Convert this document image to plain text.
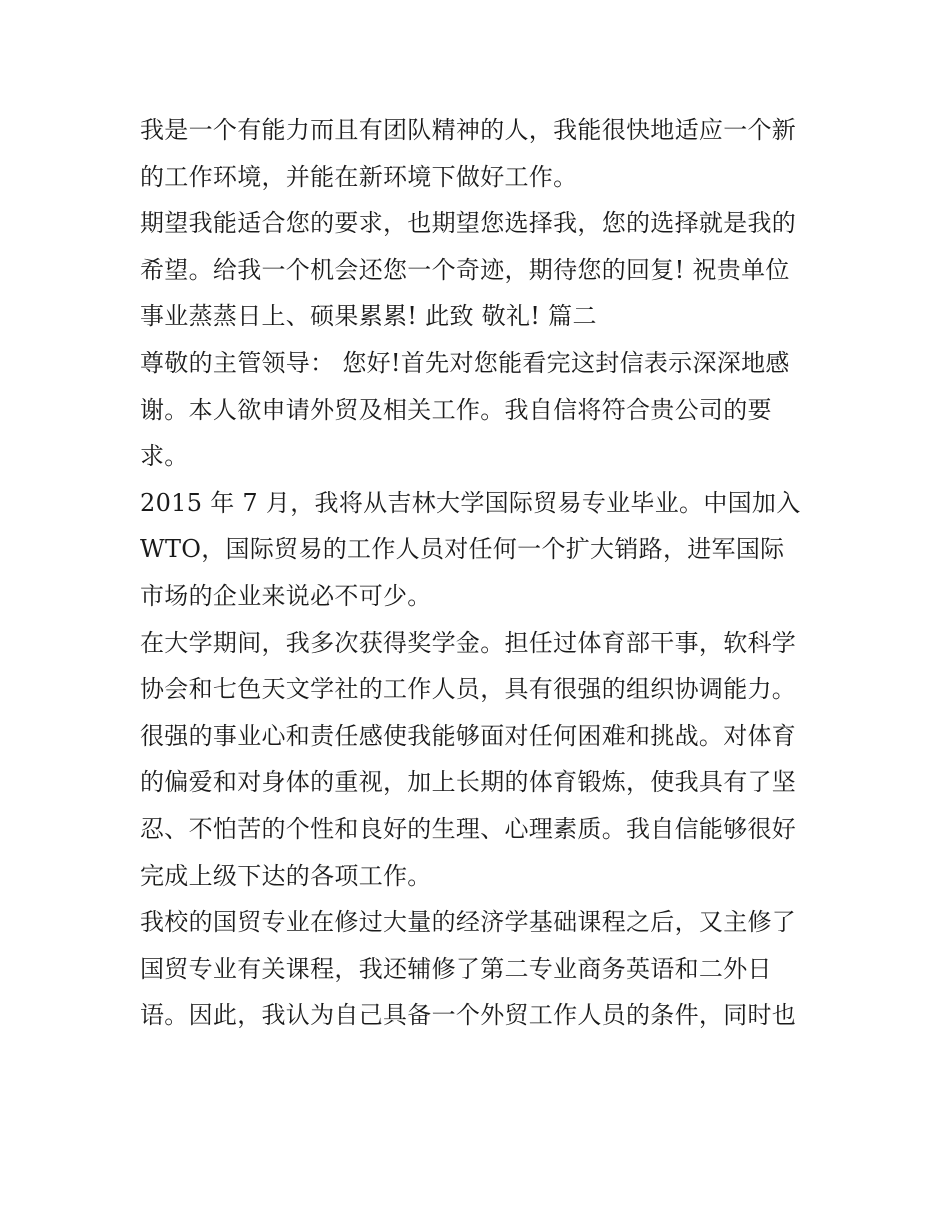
我是一个有能力而且有团队精神的人，我能很快地适应一个新
的工作环境，并能在新环境下做好工作。
期望我能适合您的要求，也期望您选择我，您的选择就是我的
希望。给我一个机会还您一个奇迹，期待您的回复! 祝贵单位
事业蒸蒸日上、硕果累累! 此致 敬礼! 篇二
尊敬的主管领导： 您好!首先对您能看完这封信表示深深地感
谢。本人欲申请外贸及相关工作。我自信将符合贵公司的要
求。
2015 年 7 月，我将从吉林大学国际贸易专业毕业。中国加入
WTO，国际贸易的工作人员对任何一个扩大销路，进军国际
市场的企业来说必不可少。
在大学期间，我多次获得奖学金。担任过体育部干事，软科学
协会和七色天文学社的工作人员，具有很强的组织协调能力。
很强的事业心和责任感使我能够面对任何困难和挑战。对体育
的偏爱和对身体的重视，加上长期的体育锻炼，使我具有了坚
忍、不怕苦的个性和良好的生理、心理素质。我自信能够很好
完成上级下达的各项工作。
我校的国贸专业在修过大量的经济学基础课程之后，又主修了
国贸专业有关课程，我还辅修了第二专业商务英语和二外日
语。因此，我认为自己具备一个外贸工作人员的条件，同时也
